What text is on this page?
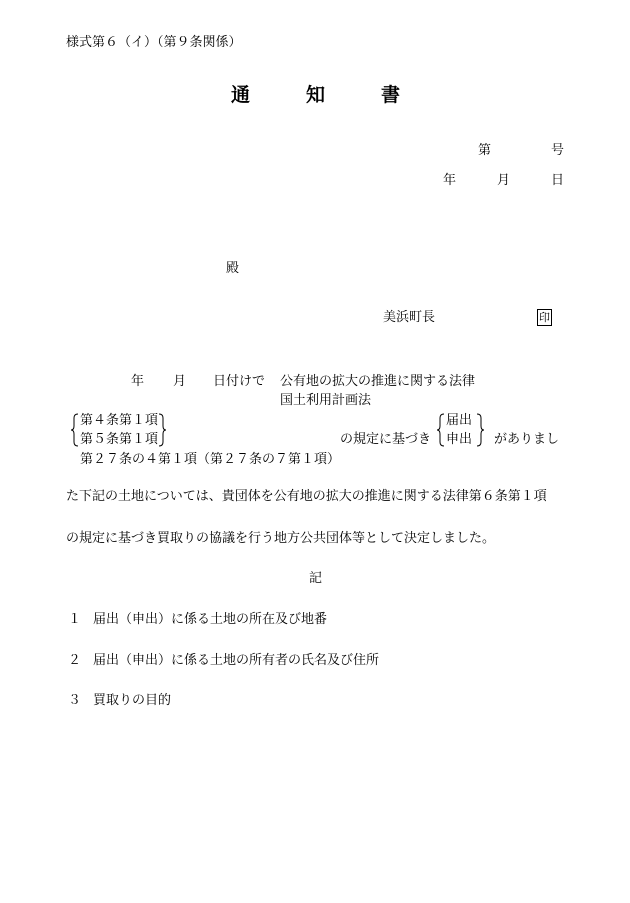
様式第６（イ）（第９条関係）
通	知	書
第	号
年	月	日
殿
美浜町長	印
年 月 日付けで 公有地の拡大の推進に関する法律
国土利用計画法
第４条第１項
第５条第１項	の規定に基づき
届出
申出 がありまし
第２７条の４第１項（第２７条の７第１項）
た下記の土地については、貴団体を公有地の拡大の推進に関する法律第６条第１項
の規定に基づき買取りの協議を行う地方公共団体等として決定しました。
記
１ 届出（申出）に係る土地の所在及び地番
２ 届出（申出）に係る土地の所有者の氏名及び住所
３ 買取りの目的
